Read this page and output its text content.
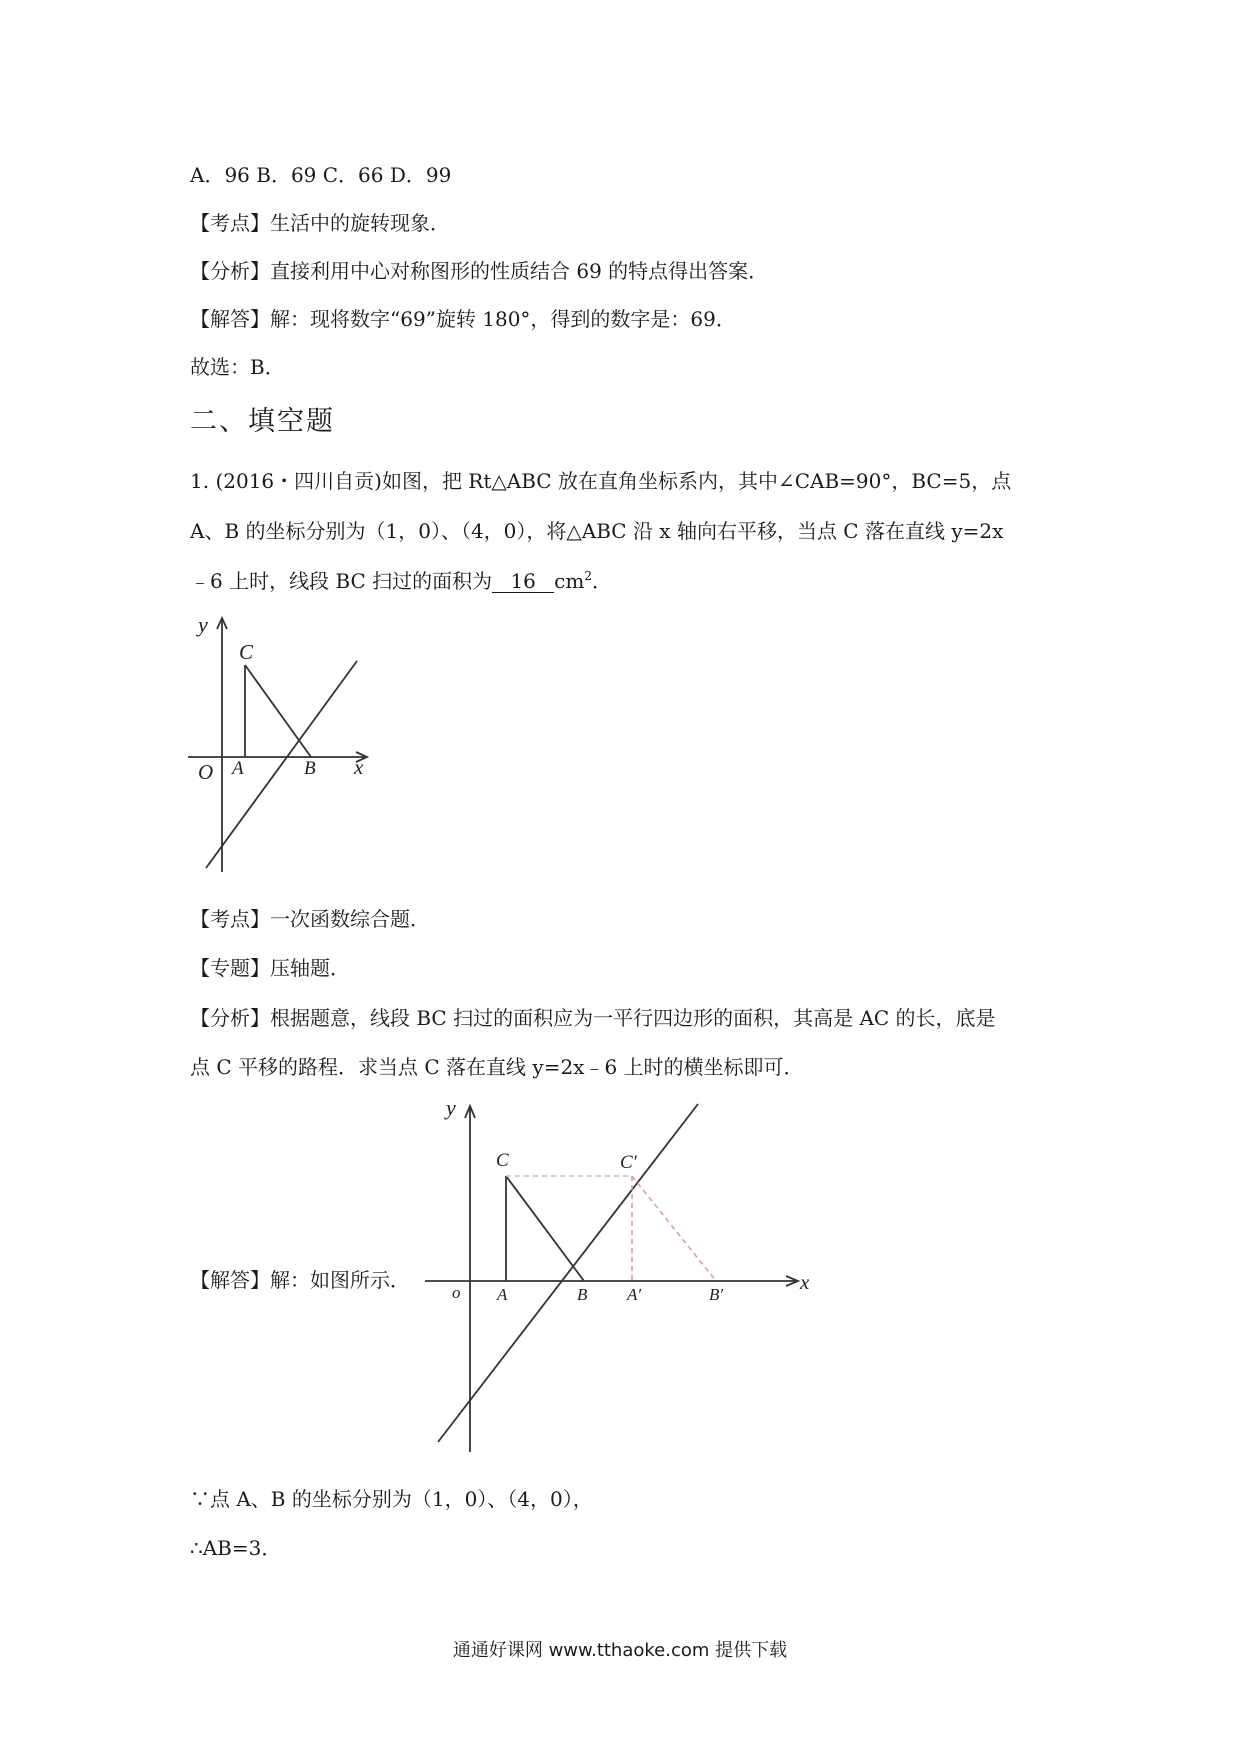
A．96 B．69 C．66 D．99
【考点】生活中的旋转现象．
【分析】直接利用中心对称图形的性质结合 69 的特点得出答案．
【解答】解：现将数字“69”旋转 180°，得到的数字是：69．
故选：B．
二、填空题
1. (2016・四川自贡)如图，把 Rt△ABC 放在直角坐标系内，其中∠CAB=90°，BC=5，点
A、B 的坐标分别为（1，0）、（4，0），将△ABC 沿 x 轴向右平移，当点 C 落在直线 y=2x
﹣6 上时，线段 BC 扫过的面积为 16 $cm^2$．
y
C
O A	B x
【考点】一次函数综合题．
【专题】压轴题．
【分析】根据题意，线段 BC 扫过的面积应为一平行四边形的面积，其高是 AC 的长，底是
点 C 平移的路程．求当点 C 落在直线 y=2x﹣6 上时的横坐标即可．
【解答】解：如图所示．
y
C	C′
o A	B A′	B′
x
∵点 A、B 的坐标分别为（1，0）、（4，0），
∴AB=3．
通通好课网 www.tthaoke.com 提供下载
